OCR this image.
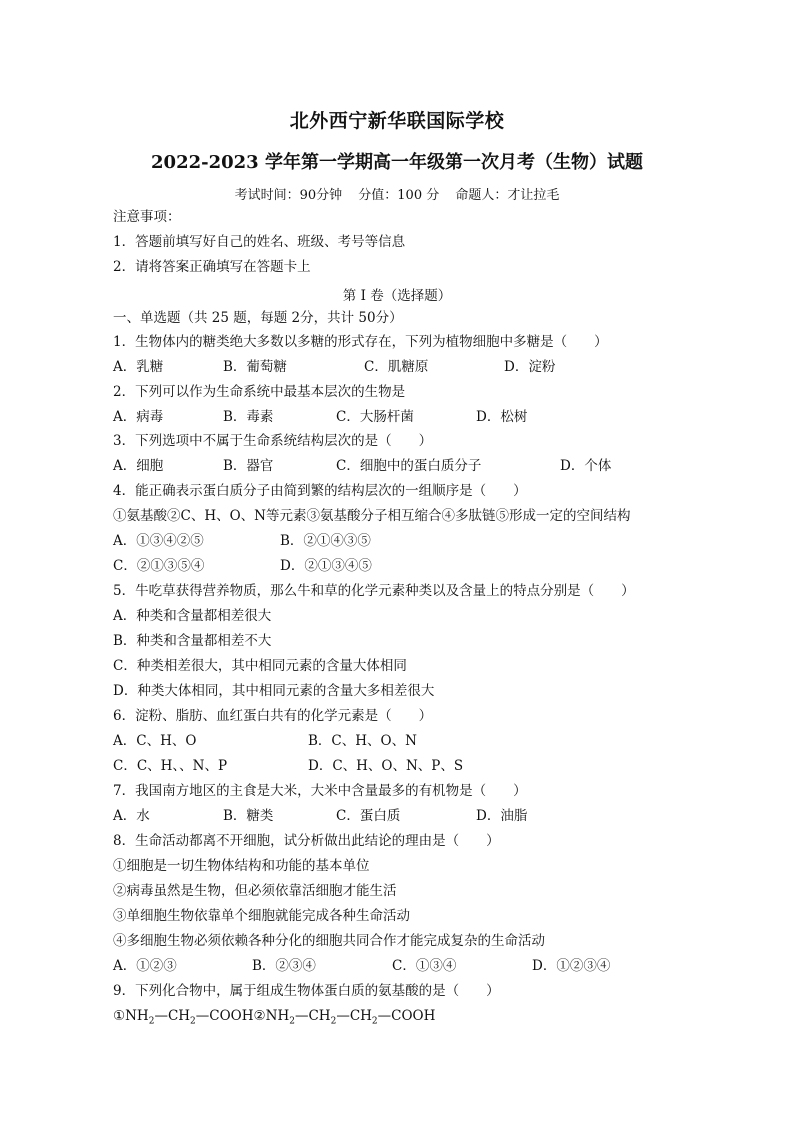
北外西宁新华联国际学校
2022-2023 学年第一学期高一年级第一次月考（生物）试题
考试时间：90分钟 分值：100 分 命题人：才让拉毛
注意事项：
1．答题前填写好自己的姓名、班级、考号等信息
2．请将答案正确填写在答题卡上
第 I 卷（选择题）
一、单选题（共 25 题，每题 2分，共计 50分）
1．生物体内的糖类绝大多数以多糖的形式存在，下列为植物细胞中多糖是（　　）
A．乳糖	B．葡萄糖	C．肌糖原	D．淀粉
2．下列可以作为生命系统中最基本层次的生物是
A．病毒	B．毒素	C．大肠杆菌	D．松树
3．下列选项中不属于生命系统结构层次的是（　　）
A．细胞	B．器官	C．细胞中的蛋白质分子	D．个体
4．能正确表示蛋白质分子由简到繁的结构层次的一组顺序是（　　）
①氨基酸②C、H、O、N等元素③氨基酸分子相互缩合④多肽链⑤形成一定的空间结构
A．①③④②⑤	B．②①④③⑤
C．②①③⑤④	D．②①③④⑤
5．牛吃草获得营养物质，那么牛和草的化学元素种类以及含量上的特点分别是（　　）
A．种类和含量都相差很大
B．种类和含量都相差不大
C．种类相差很大，其中相同元素的含量大体相同
D．种类大体相同，其中相同元素的含量大多相差很大
6．淀粉、脂肪、血红蛋白共有的化学元素是（　　）
A．C、H、O	B．C、H、O、N
C．C、H、、N、P	D．C、H、O、N、P、S
7．我国南方地区的主食是大米，大米中含量最多的有机物是（　　）
A．水	B．糖类	C．蛋白质	D．油脂
8．生命活动都离不开细胞，试分析做出此结论的理由是（　　）
①细胞是一切生物体结构和功能的基本单位
②病毒虽然是生物，但必须依靠活细胞才能生活
③单细胞生物依靠单个细胞就能完成各种生命活动
④多细胞生物必须依赖各种分化的细胞共同合作才能完成复杂的生命活动
A．①②③	B．②③④	C．①③④	D．①②③④
9．下列化合物中，属于组成生物体蛋白质的氨基酸的是（　　）
$①NH_2—CH_2—COOH②NH_2—CH_2—CH_2—COOH$
